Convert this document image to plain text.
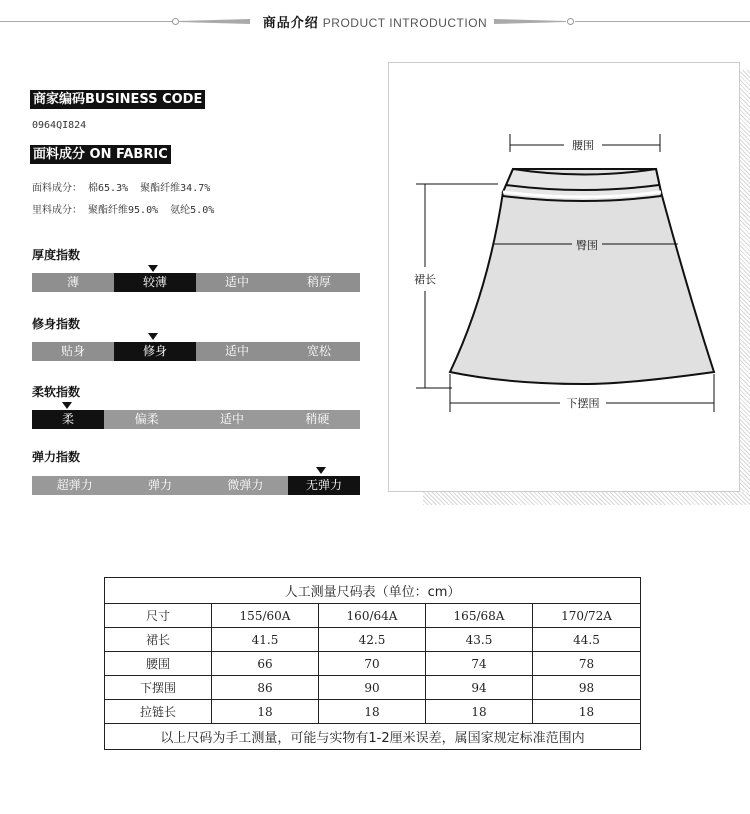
商品介绍 PRODUCT INTRODUCTION
商家编码BUSINESS CODE
0964QI824
面料成分 ON FABRIC
面料成分： 棉65.3%  聚酯纤维34.7%
里料成分： 聚酯纤维95.0%  氨纶5.0%
厚度指数
薄	较薄	适中	稍厚
修身指数
贴身	修身	适中	宽松
柔软指数
柔	偏柔	适中	稍硬
弹力指数
超弹力	弹力	微弹力	无弹力
腰围
臀围
裙长
下摆围
人工测量尺码表（单位：cm）				
尺寸	155/60A	160/64A	165/68A	170/72A
裙长	41.5	42.5	43.5	44.5
腰围	66	70	74	78
下摆围	86	90	94	98
拉链长	18	18	18	18
以上尺码为手工测量，可能与实物有1-2厘米误差，属国家规定标准范围内				
